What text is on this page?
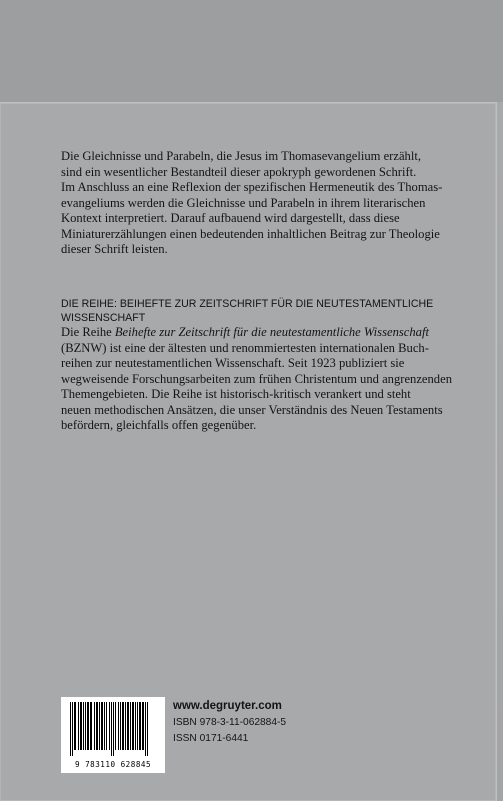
Die Gleichnisse und Parabeln, die Jesus im Thomasevangelium erzählt,
sind ein wesentlicher Bestandteil dieser apokryph gewordenen Schrift.
Im Anschluss an eine Reflexion der spezifischen Hermeneutik des Thomas-
evangeliums werden die Gleichnisse und Parabeln in ihrem literarischen
Kontext interpretiert. Darauf aufbauend wird dargestellt, dass diese
Miniaturerzählungen einen bedeutenden inhaltlichen Beitrag zur Theologie
dieser Schrift leisten.
DIE REIHE: BEIHEFTE ZUR ZEITSCHRIFT FÜR DIE NEUTESTAMENTLICHE
WISSENSCHAFT

Die Reihe Beihefte zur Zeitschrift für die neutestamentliche Wissenschaft
(BZNW) ist eine der ältesten und renommiertesten internationalen Buch-
reihen zur neutestamentlichen Wissenschaft. Seit 1923 publiziert sie
wegweisende Forschungsarbeiten zum frühen Christentum und angrenzenden
Themengebieten. Die Reihe ist historisch-kritisch verankert und steht
neuen methodischen Ansätzen, die unser Verständnis des Neuen Testaments
befördern, gleichfalls offen gegenüber.

9 783110 628845
www.degruyter.com
ISBN 978-3-11-062884-5
ISSN 0171-6441
